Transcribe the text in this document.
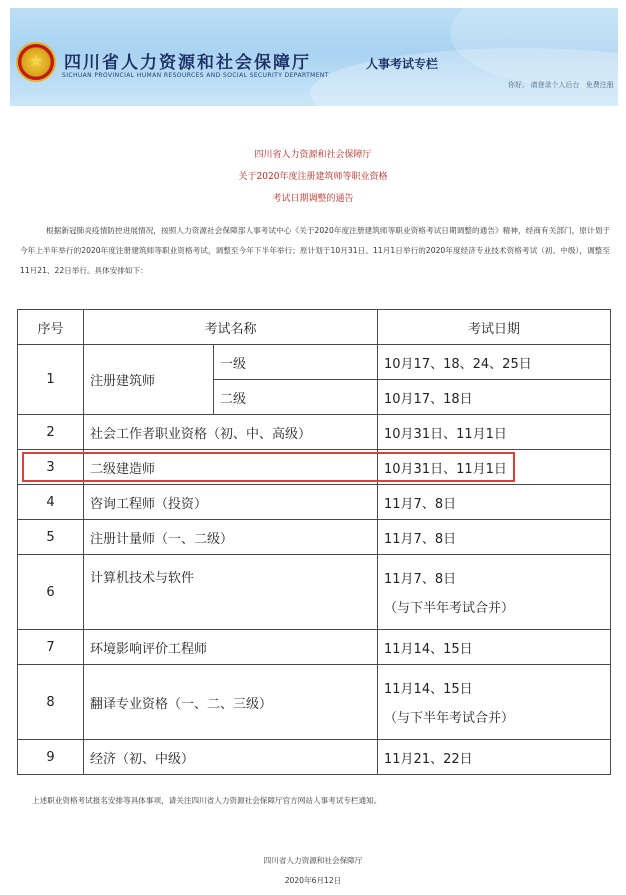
★ 四川省人力资源和社会保障厅
SICHUAN PROVINCIAL HUMAN RESOURCES AND SOCIAL SECURITY DEPARTMENT
人事考试专栏
你好, 请登录个人后台 免费注册
四川省人力资源和社会保障厅
关于2020年度注册建筑师等职业资格
考试日期调整的通告

根据新冠肺炎疫情防控进展情况，按照人力资源社会保障部人事考试中心《关于2020年度注册建筑师等职业资格考试日期调整的通告》精神，经商有关部门，原计划于今年上半年举行的2020年度注册建筑师等职业资格考试，调整至今年下半年举行；原计划于10月31日、11月1日举行的2020年度经济专业技术资格考试（初、中级），调整至11月21、22日举行。具体安排如下：

序号	考试名称		考试日期
1	注册建筑师	一级	10月17、18、24、25日
		二级	10月17、18日
2	社会工作者职业资格（初、中、高级）		10月31日、11月1日
3	二级建造师		10月31日、11月1日
4	咨询工程师（投资）		11月7、8日
5	注册计量师（一、二级）		11月7、8日
6	计算机技术与软件		11月7、8日
（与下半年考试合并）

7	环境影响评价工程师		11月14、15日
8	翻译专业资格（一、二、三级）		11月14、15日
（与下半年考试合并）

9	经济（初、中级）		11月21、22日
上述职业资格考试报名安排等具体事项，请关注四川省人力资源社会保障厅官方网站人事考试专栏通知。
四川省人力资源和社会保障厅
2020年6月12日
